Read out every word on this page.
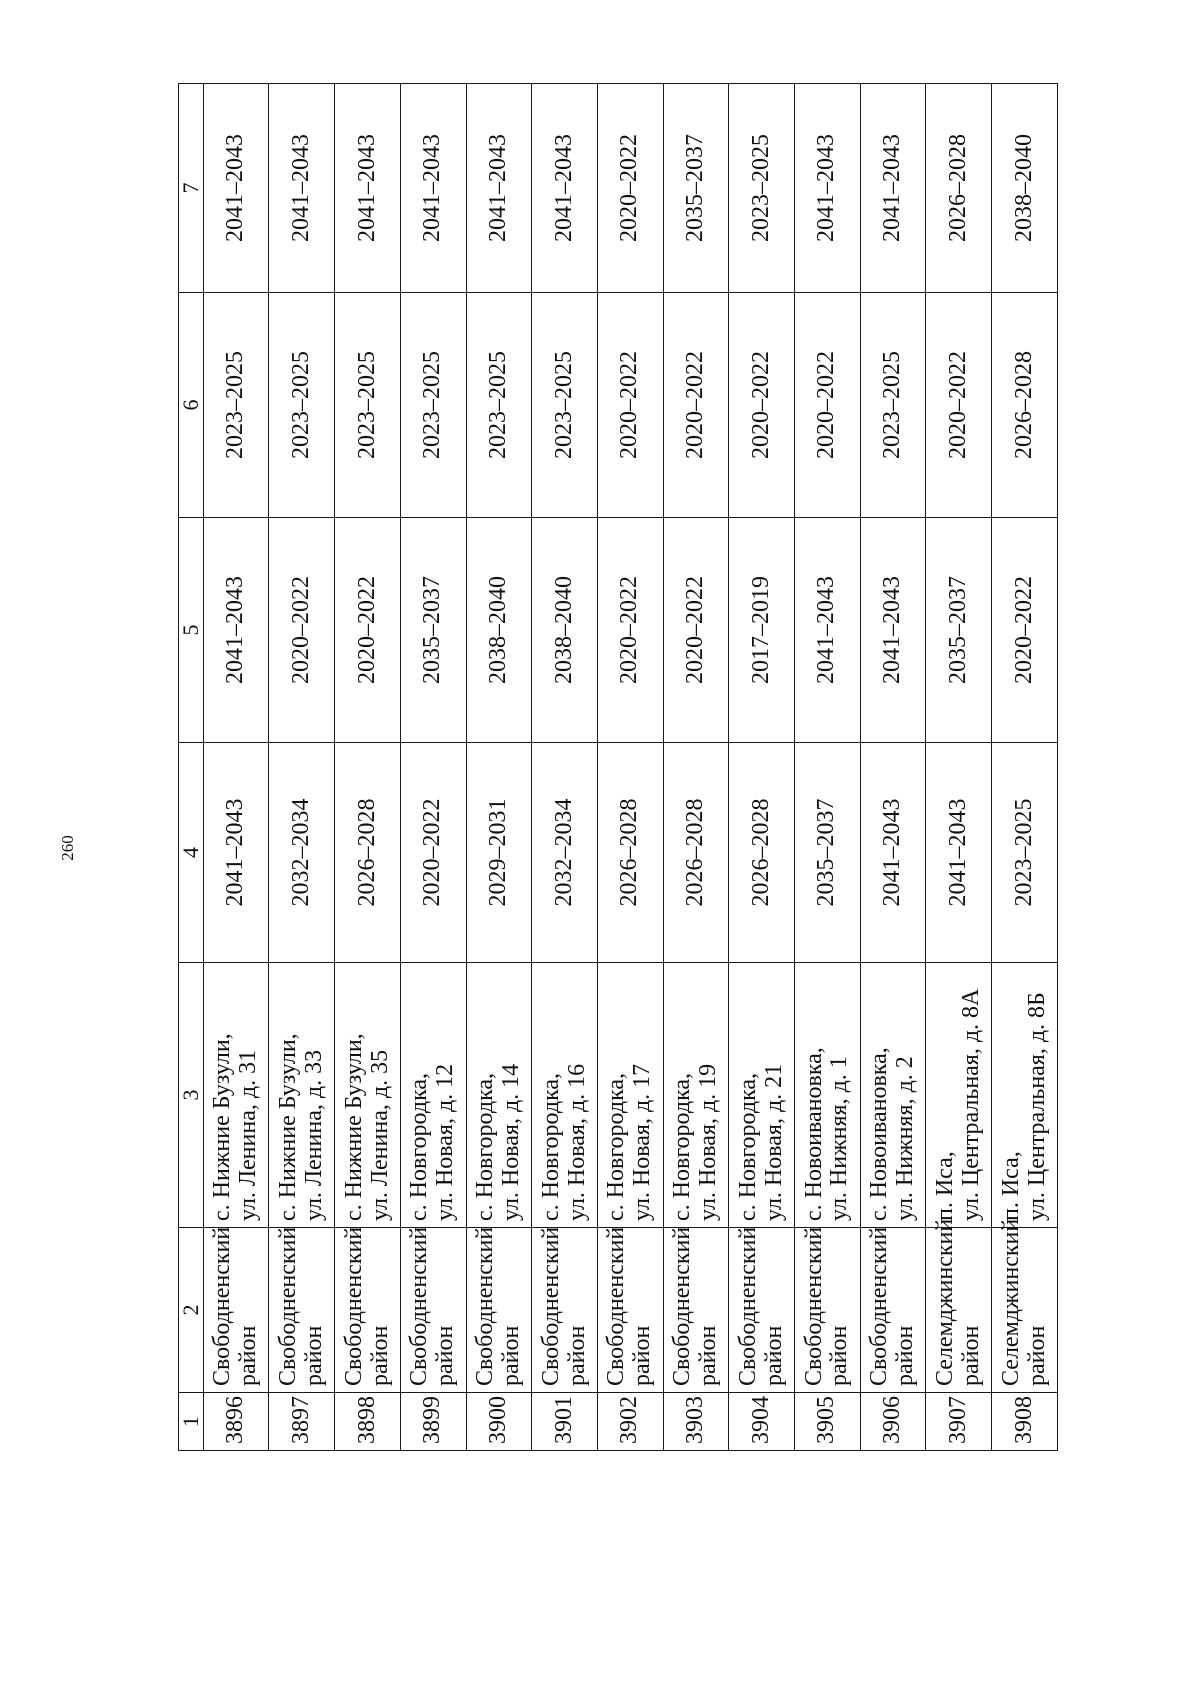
260
1	2	3	4	5	6	7
3896	Свободненский район	с. Нижние Бузули, ул. Ленина, д. 31	2041–2043	2041–2043	2023–2025	2041–2043
3897	Свободненский район	с. Нижние Бузули, ул. Ленина, д. 33	2032–2034	2020–2022	2023–2025	2041–2043
3898	Свободненский район	с. Нижние Бузули, ул. Ленина, д. 35	2026–2028	2020–2022	2023–2025	2041–2043
3899	Свободненский район	с. Новгородка, ул. Новая, д. 12	2020–2022	2035–2037	2023–2025	2041–2043
3900	Свободненский район	с. Новгородка, ул. Новая, д. 14	2029–2031	2038–2040	2023–2025	2041–2043
3901	Свободненский район	с. Новгородка, ул. Новая, д. 16	2032–2034	2038–2040	2023–2025	2041–2043
3902	Свободненский район	с. Новгородка, ул. Новая, д. 17	2026–2028	2020–2022	2020–2022	2020–2022
3903	Свободненский район	с. Новгородка, ул. Новая, д. 19	2026–2028	2020–2022	2020–2022	2035–2037
3904	Свободненский район	с. Новгородка, ул. Новая, д. 21	2026–2028	2017–2019	2020–2022	2023–2025
3905	Свободненский район	с. Новоивановка, ул. Нижняя, д. 1	2035–2037	2041–2043	2020–2022	2041–2043
3906	Свободненский район	с. Новоивановка, ул. Нижняя, д. 2	2041–2043	2041–2043	2023–2025	2041–2043
3907	Селемджинский район	п. Иса, ул. Центральная, д. 8А	2041–2043	2035–2037	2020–2022	2026–2028
3908	Селемджинский район	п. Иса, ул. Центральная, д. 8Б	2023–2025	2020–2022	2026–2028	2038–2040
